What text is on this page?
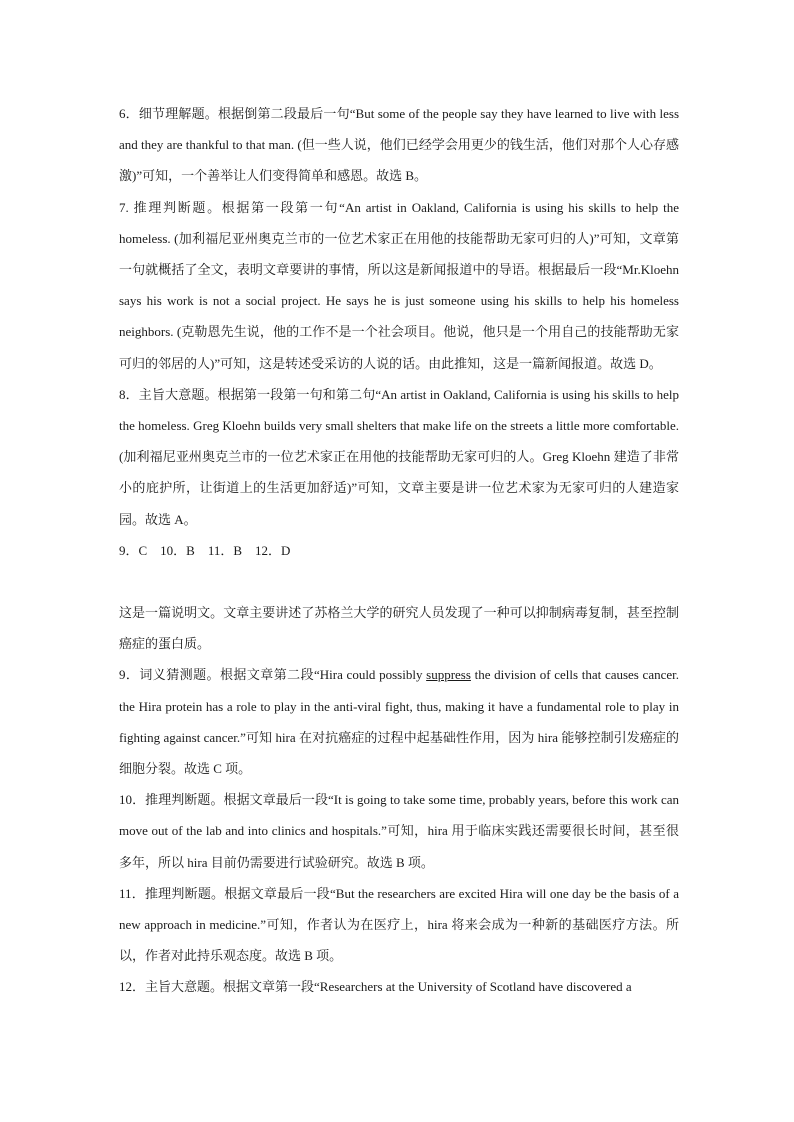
6．细节理解题。根据倒第二段最后一句“But some of the people say they have learned to live with less and they are thankful to that man. (但一些人说，他们已经学会用更少的钱生活，他们对那个人心存感激)”可知，一个善举让人们变得简单和感恩。故选 B。

7. 推理判断题。根据第一段第一句“An artist in Oakland, California is using his skills to help the homeless. (加利福尼亚州奥克兰市的一位艺术家正在用他的技能帮助无家可归的人)”可知，文章第一句就概括了全文，表明文章要讲的事情，所以这是新闻报道中的导语。根据最后一段“Mr.Kloehn says his work is not a social project. He says he is just someone using his skills to help his homeless neighbors. (克勒恩先生说，他的工作不是一个社会项目。他说，他只是一个用自己的技能帮助无家可归的邻居的人)”可知，这是转述受采访的人说的话。由此推知，这是一篇新闻报道。故选 D。

8．主旨大意题。根据第一段第一句和第二句“An artist in Oakland, California is using his skills to help the homeless. Greg Kloehn builds very small shelters that make life on the streets a little more comfortable. (加利福尼亚州奥克兰市的一位艺术家正在用他的技能帮助无家可归的人。Greg Kloehn 建造了非常小的庇护所，让街道上的生活更加舒适)”可知，文章主要是讲一位艺术家为无家可归的人建造家园。故选 A。

9．C　10．B　11．B　12．D

这是一篇说明文。文章主要讲述了苏格兰大学的研究人员发现了一种可以抑制病毒复制，甚至控制癌症的蛋白质。

9．词义猜测题。根据文章第二段“Hira could possibly suppress the division of cells that causes cancer. the Hira protein has a role to play in the anti-viral fight, thus, making it have a fundamental role to play in fighting against cancer.”可知 hira 在对抗癌症的过程中起基础性作用，因为 hira 能够控制引发癌症的细胞分裂。故选 C 项。

10．推理判断题。根据文章最后一段“It is going to take some time, probably years, before this work can move out of the lab and into clinics and hospitals.”可知，hira 用于临床实践还需要很长时间，甚至很多年，所以 hira 目前仍需要进行试验研究。故选 B 项。

11．推理判断题。根据文章最后一段“But the researchers are excited Hira will one day be the basis of a new approach in medicine.”可知，作者认为在医疗上，hira 将来会成为一种新的基础医疗方法。所以，作者对此持乐观态度。故选 B 项。

12．主旨大意题。根据文章第一段“Researchers at the University of Scotland have discovered a
